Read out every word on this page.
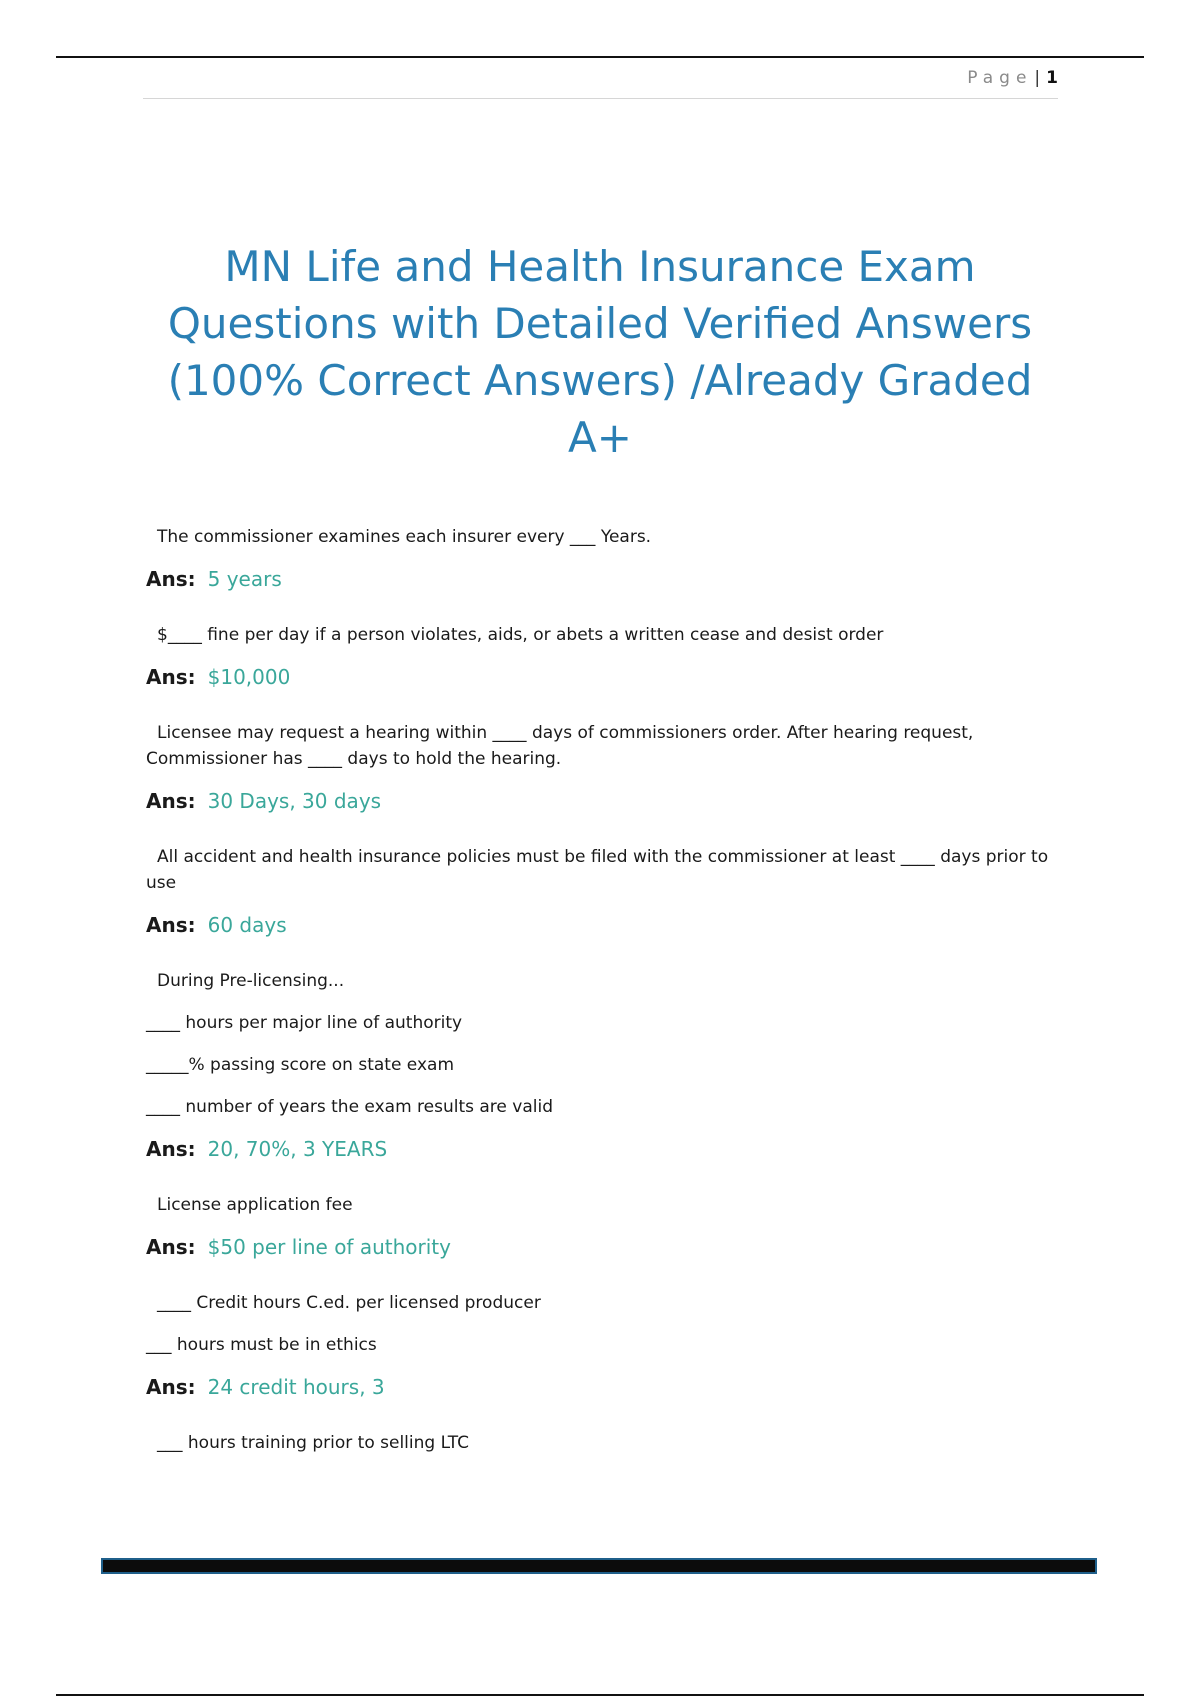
Page | 1
MN Life and Health Insurance Exam Questions with Detailed Verified Answers (100% Correct Answers) /Already Graded A+

The commissioner examines each insurer every ___ Years.

Ans: 5 years

$____ fine per day if a person violates, aids, or abets a written cease and desist order

Ans: $10,000

Licensee may request a hearing within ____ days of commissioners order. After hearing request, Commissioner has ____ days to hold the hearing.

Ans: 30 Days, 30 days

All accident and health insurance policies must be filed with the commissioner at least ____ days prior to use

Ans: 60 days

During Pre-licensing...

____ hours per major line of authority

_____% passing score on state exam

____ number of years the exam results are valid

Ans: 20, 70%, 3 YEARS

License application fee

Ans: $50 per line of authority

____ Credit hours C.ed. per licensed producer

___ hours must be in ethics

Ans: 24 credit hours, 3

___ hours training prior to selling LTC
